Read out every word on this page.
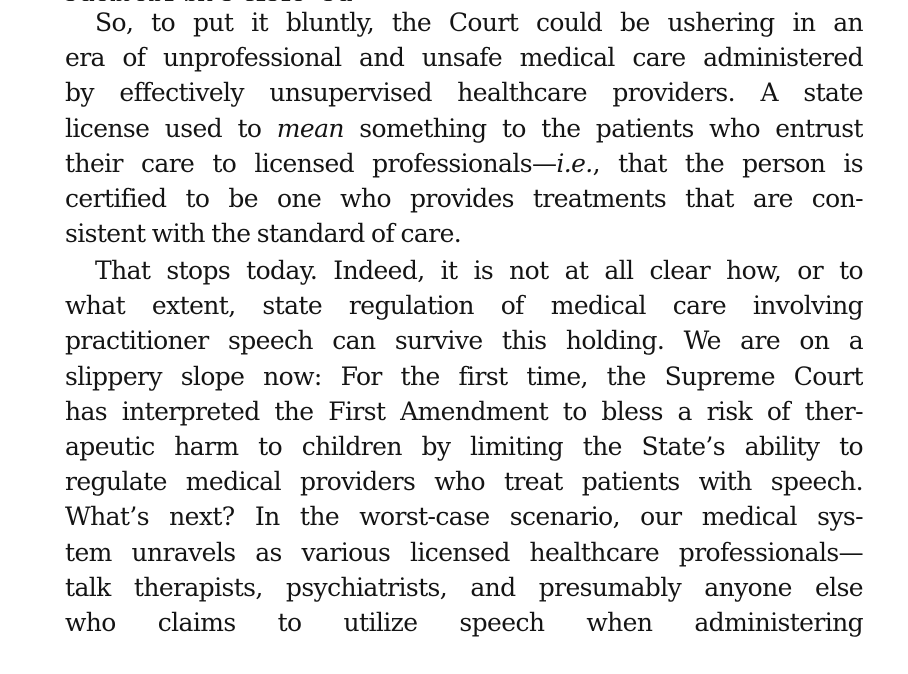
So, to put it bluntly, the Court could be ushering in an
era of unprofessional and unsafe medical care administered
by effectively unsupervised healthcare providers. A state
license used to mean something to the patients who entrust
their care to licensed professionals—i.e., that the person is
certified to be one who provides treatments that are con-
sistent with the standard of care.
That stops today. Indeed, it is not at all clear how, or to
what extent, state regulation of medical care involving
practitioner speech can survive this holding. We are on a
slippery slope now: For the first time, the Supreme Court
has interpreted the First Amendment to bless a risk of ther-
apeutic harm to children by limiting the State’s ability to
regulate medical providers who treat patients with speech.
What’s next? In the worst-case scenario, our medical sys-
tem unravels as various licensed healthcare professionals—
talk therapists, psychiatrists, and presumably anyone else
who claims to utilize speech when administering
